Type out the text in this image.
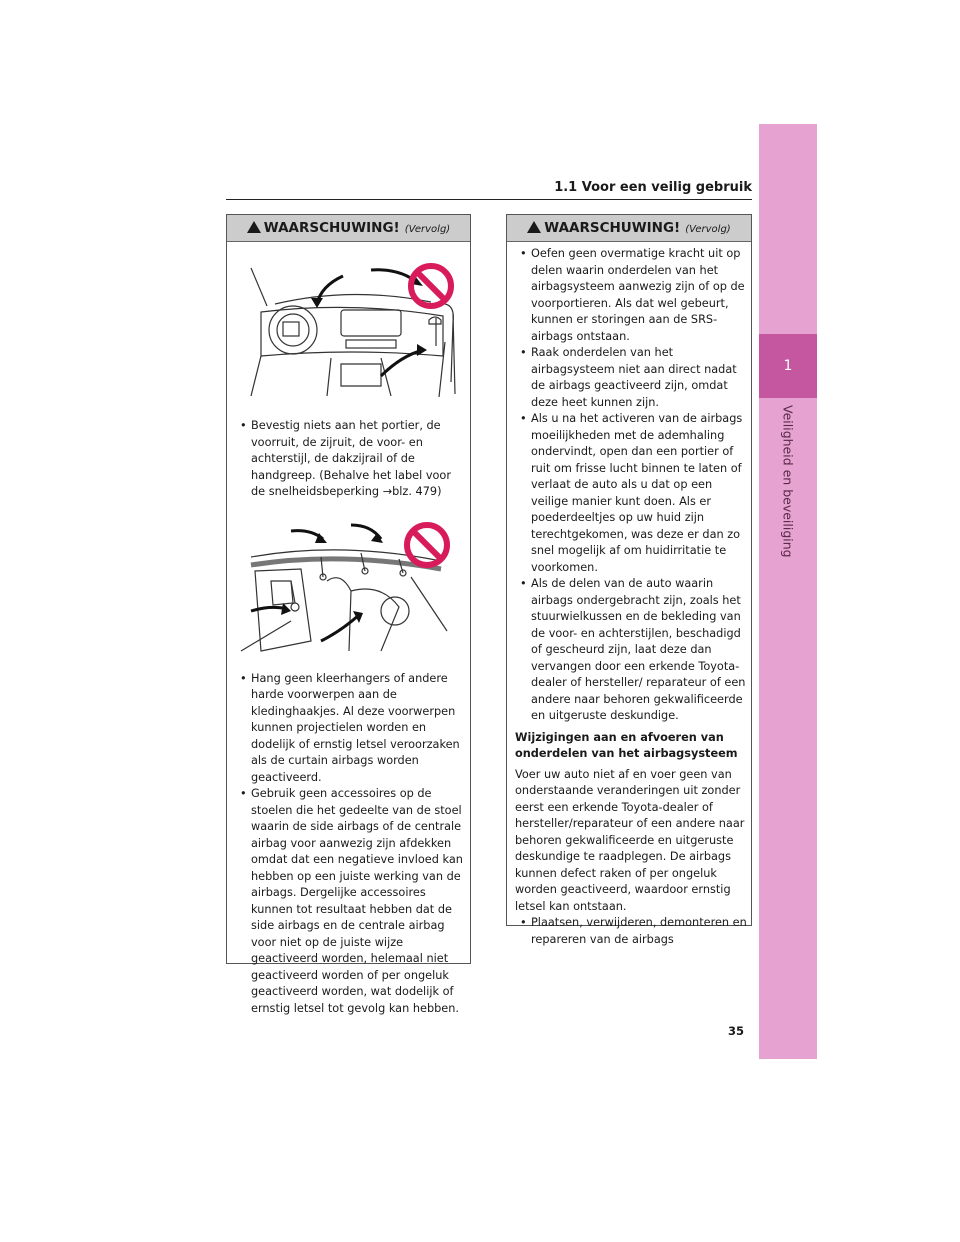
1.1 Voor een veilig gebruik
1
Veiligheid en beveiliging
WAARSCHUWING! (Vervolg)
• Bevestig niets aan het portier, de voorruit, de zijruit, de voor- en achterstijl, de dakzijrail of de handgreep. (Behalve het label voor de snelheidsbeperking →blz. 479)
• Hang geen kleerhangers of andere harde voorwerpen aan de kledinghaakjes. Al deze voorwerpen kunnen projectielen worden en dodelijk of ernstig letsel veroorzaken als de curtain airbags worden geactiveerd.
• Gebruik geen accessoires op de stoelen die het gedeelte van de stoel waarin de side airbags of de centrale airbag voor aanwezig zijn afdekken omdat dat een negatieve invloed kan hebben op een juiste werking van de airbags. Dergelijke accessoires kunnen tot resultaat hebben dat de side airbags en de centrale airbag voor niet op de juiste wijze geactiveerd worden, helemaal niet geactiveerd worden of per ongeluk geactiveerd worden, wat dodelijk of ernstig letsel tot gevolg kan hebben.
WAARSCHUWING! (Vervolg)
• Oefen geen overmatige kracht uit op delen waarin onderdelen van het airbagsysteem aanwezig zijn of op de voorportieren. Als dat wel gebeurt, kunnen er storingen aan de SRS-airbags ontstaan.
• Raak onderdelen van het airbagsysteem niet aan direct nadat de airbags geactiveerd zijn, omdat deze heet kunnen zijn.
• Als u na het activeren van de airbags moeilijkheden met de ademhaling ondervindt, open dan een portier of ruit om frisse lucht binnen te laten of verlaat de auto als u dat op een veilige manier kunt doen. Als er poederdeeltjes op uw huid zijn terechtgekomen, was deze er dan zo snel mogelijk af om huidirritatie te voorkomen.
• Als de delen van de auto waarin airbags ondergebracht zijn, zoals het stuurwielkussen en de bekleding van de voor- en achterstijlen, beschadigd of gescheurd zijn, laat deze dan vervangen door een erkende Toyota-dealer of hersteller/ reparateur of een andere naar behoren gekwalificeerde en uitgeruste deskundige.
Wijzigingen aan en afvoeren van onderdelen van het airbagsysteem
Voer uw auto niet af en voer geen van onderstaande veranderingen uit zonder eerst een erkende Toyota-dealer of hersteller/reparateur of een andere naar behoren gekwalificeerde en uitgeruste deskundige te raadplegen. De airbags kunnen defect raken of per ongeluk worden geactiveerd, waardoor ernstig letsel kan ontstaan.
• Plaatsen, verwijderen, demonteren en repareren van de airbags
35
